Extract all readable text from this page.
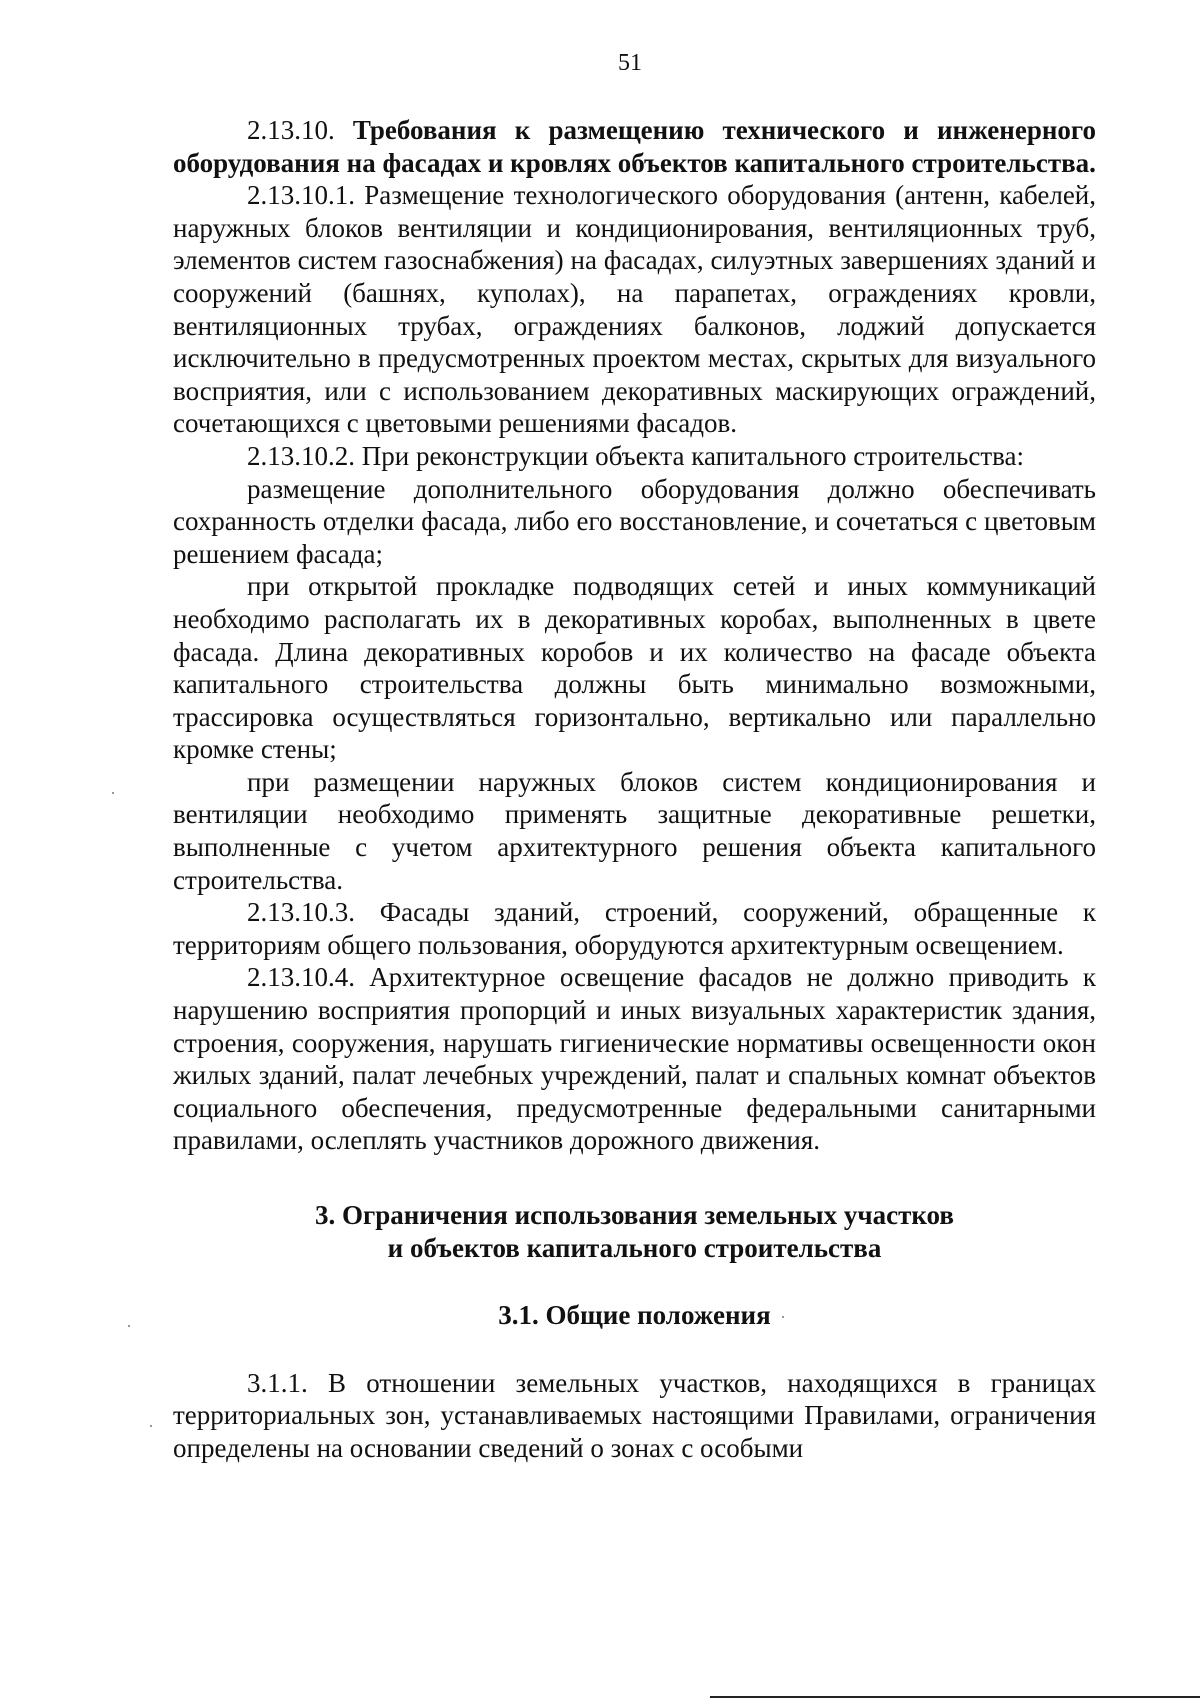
51

2.13.10. Требования к размещению технического и инженерного оборудования на фасадах и кровлях объектов капитального строительства.

2.13.10.1. Размещение технологического оборудования (антенн, кабелей, наружных блоков вентиляции и кондиционирования, вентиляционных труб, элементов систем газоснабжения) на фасадах, силуэтных завершениях зданий и сооружений (башнях, куполах), на парапетах, ограждениях кровли, вентиляционных трубах, ограждениях балконов, лоджий допускается исключительно в предусмотренных проектом местах, скрытых для визуального восприятия, или с использованием декоративных маскирующих ограждений, сочетающихся с цветовыми решениями фасадов.

2.13.10.2. При реконструкции объекта капитального строительства:

размещение дополнительного оборудования должно обеспечивать сохранность отделки фасада, либо его восстановление, и сочетаться с цветовым решением фасада;

при открытой прокладке подводящих сетей и иных коммуникаций необходимо располагать их в декоративных коробах, выполненных в цвете фасада. Длина декоративных коробов и их количество на фасаде объекта капитального строительства должны быть минимально возможными, трассировка осуществляться горизонтально, вертикально или параллельно кромке стены;

при размещении наружных блоков систем кондиционирования и вентиляции необходимо применять защитные декоративные решетки, выполненные с учетом архитектурного решения объекта капитального строительства.

2.13.10.3. Фасады зданий, строений, сооружений, обращенные к территориям общего пользования, оборудуются архитектурным освещением.

2.13.10.4. Архитектурное освещение фасадов не должно приводить к нарушению восприятия пропорций и иных визуальных характеристик здания, строения, сооружения, нарушать гигиенические нормативы освещенности окон жилых зданий, палат лечебных учреждений, палат и спальных комнат объектов социального обеспечения, предусмотренные федеральными санитарными правилами, ослеплять участников дорожного движения.

3. Ограничения использования земельных участков
и объектов капитального строительства
3.1. Общие положения

3.1.1. В отношении земельных участков, находящихся в границах территориальных зон, устанавливаемых настоящими Правилами, ограничения определены на основании сведений о зонах с особыми
